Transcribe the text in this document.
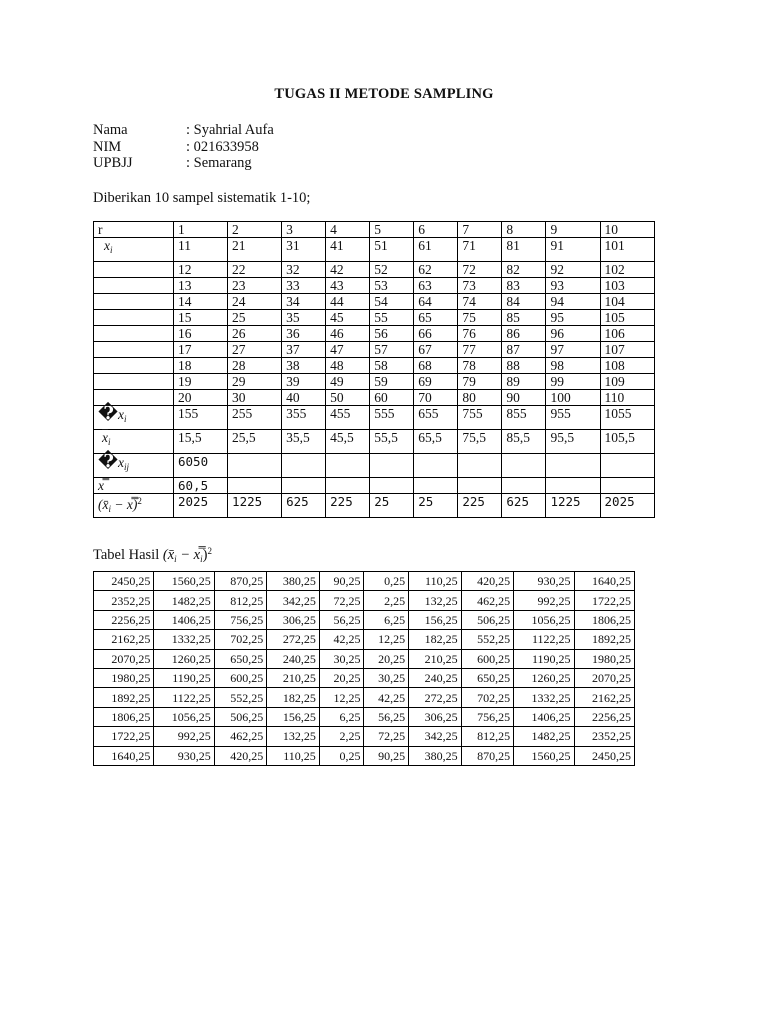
TUGAS II METODE SAMPLING
Nama	: Syahrial Aufa
NIM	: 021633958
UPBJJ	: Semarang
Diberikan 10 sampel sistematik 1-10;
r	1	2	3	4	5	6	7	8	9	10
$x_i$	11	21	31	41	51	61	71	81	91	101
	12	22	32	42	52	62	72	82	92	102
	13	23	33	43	53	63	73	83	93	103
	14	24	34	44	54	64	74	84	94	104
	15	25	35	45	55	65	75	85	95	105
	16	26	36	46	56	66	76	86	96	106
	17	27	37	47	57	67	77	87	97	107
	18	28	38	48	58	68	78	88	98	108
	19	29	39	49	59	69	79	89	99	109
	20	30	40	50	60	70	80	90	100	110
$�x_i$	155	255	355	455	555	655	755	855	955	1055
$\overline{x}_i$	15,5	25,5	35,5	45,5	55,5	65,5	75,5	85,5	95,5	105,5
$�x_{ij}$	6050									
x̿	60,5									
($x̄_i$ − x̿)$^2$	2025	1225	625	225	25	25	225	625	1225	2025
Tabel Hasil ($x̄_i$ − $x̿_i)^2$
2450,25	1560,25	870,25	380,25	90,25	0,25	110,25	420,25	930,25	1640,25
2352,25	1482,25	812,25	342,25	72,25	2,25	132,25	462,25	992,25	1722,25
2256,25	1406,25	756,25	306,25	56,25	6,25	156,25	506,25	1056,25	1806,25
2162,25	1332,25	702,25	272,25	42,25	12,25	182,25	552,25	1122,25	1892,25
2070,25	1260,25	650,25	240,25	30,25	20,25	210,25	600,25	1190,25	1980,25
1980,25	1190,25	600,25	210,25	20,25	30,25	240,25	650,25	1260,25	2070,25
1892,25	1122,25	552,25	182,25	12,25	42,25	272,25	702,25	1332,25	2162,25
1806,25	1056,25	506,25	156,25	6,25	56,25	306,25	756,25	1406,25	2256,25
1722,25	992,25	462,25	132,25	2,25	72,25	342,25	812,25	1482,25	2352,25
1640,25	930,25	420,25	110,25	0,25	90,25	380,25	870,25	1560,25	2450,25
